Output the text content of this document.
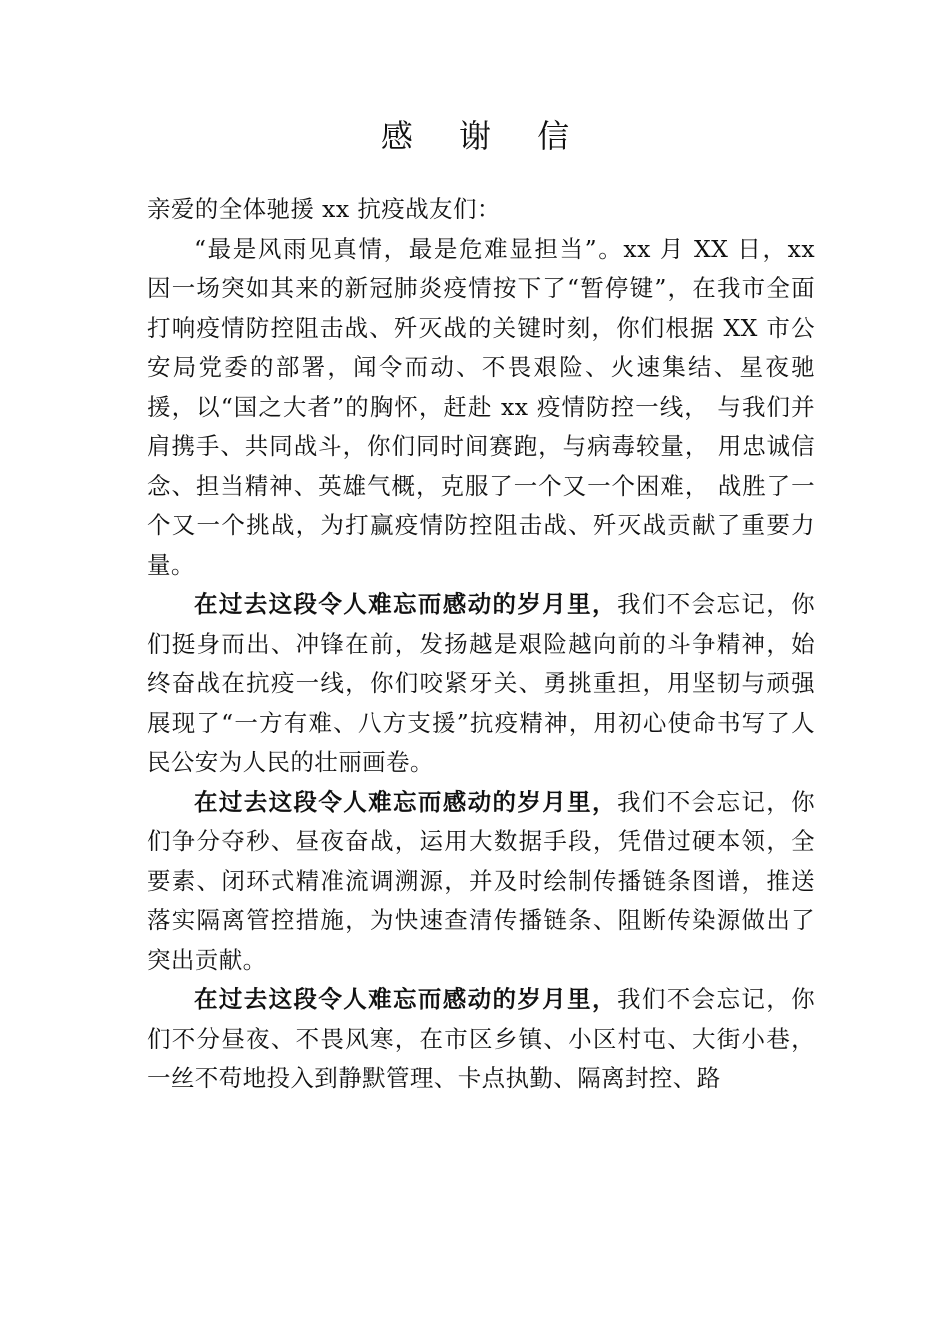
感 谢 信

亲爱的全体驰援 xx 抗疫战友们：

“最是风雨见真情，最是危难显担当”。xx 月 XX 日，xx 因一场突如其来的新冠肺炎疫情按下了“暂停键”，在我市全面打响疫情防控阻击战、歼灭战的关键时刻，你们根据 XX 市公安局党委的部署，闻令而动、不畏艰险、火速集结、星夜驰援，以“国之大者”的胸怀，赶赴 xx 疫情防控一线， 与我们并肩携手、共同战斗，你们同时间赛跑，与病毒较量， 用忠诚信念、担当精神、英雄气概，克服了一个又一个困难， 战胜了一个又一个挑战，为打赢疫情防控阻击战、歼灭战贡献了重要力量。

在过去这段令人难忘而感动的岁月里，我们不会忘记，你们挺身而出、冲锋在前，发扬越是艰险越向前的斗争精神，始终奋战在抗疫一线，你们咬紧牙关、勇挑重担，用坚韧与顽强展现了“一方有难、八方支援”抗疫精神，用初心使命书写了人民公安为人民的壮丽画卷。

在过去这段令人难忘而感动的岁月里，我们不会忘记，你们争分夺秒、昼夜奋战，运用大数据手段，凭借过硬本领，全要素、闭环式精准流调溯源，并及时绘制传播链条图谱，推送落实隔离管控措施，为快速查清传播链条、阻断传染源做出了突出贡献。

在过去这段令人难忘而感动的岁月里，我们不会忘记，你们不分昼夜、不畏风寒，在市区乡镇、小区村屯、大街小巷，一丝不苟地投入到静默管理、卡点执勤、隔离封控、路
